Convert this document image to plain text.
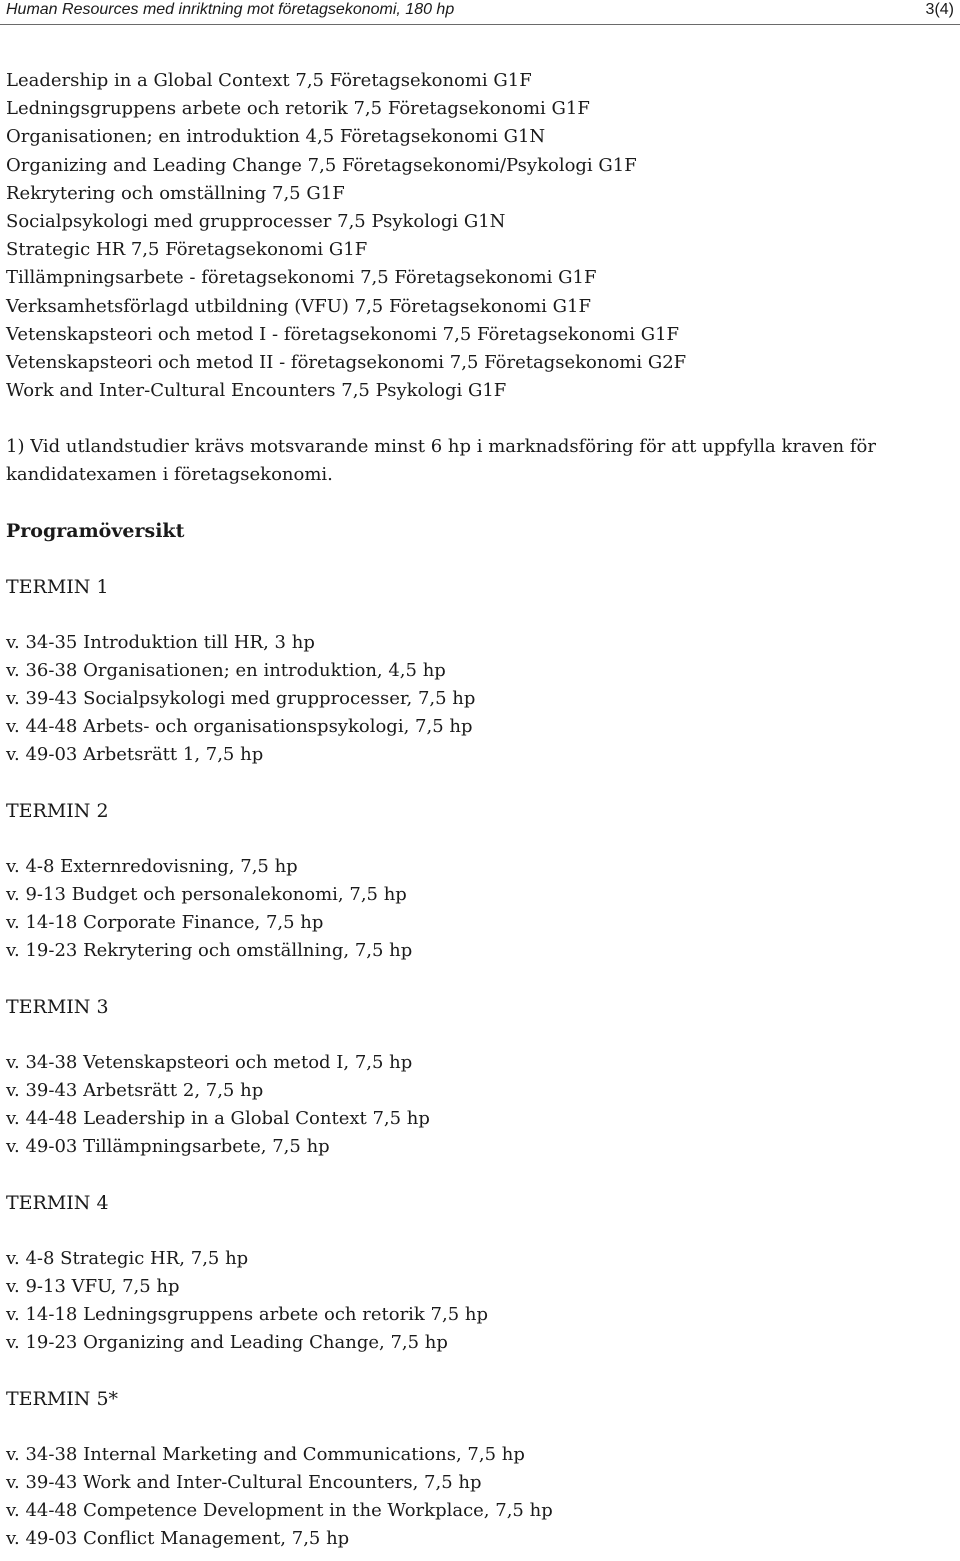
Human Resources med inriktning mot företagsekonomi, 180 hp	3(4)
Leadership in a Global Context 7,5 Företagsekonomi G1F
Ledningsgruppens arbete och retorik 7,5 Företagsekonomi G1F
Organisationen; en introduktion 4,5 Företagsekonomi G1N
Organizing and Leading Change 7,5 Företagsekonomi/Psykologi G1F
Rekrytering och omställning 7,5 G1F
Socialpsykologi med grupprocesser 7,5 Psykologi G1N
Strategic HR 7,5 Företagsekonomi G1F
Tillämpningsarbete - företagsekonomi 7,5 Företagsekonomi G1F
Verksamhetsförlagd utbildning (VFU) 7,5 Företagsekonomi G1F
Vetenskapsteori och metod I - företagsekonomi 7,5 Företagsekonomi G1F
Vetenskapsteori och metod II - företagsekonomi 7,5 Företagsekonomi G2F
Work and Inter-Cultural Encounters 7,5 Psykologi G1F
1) Vid utlandstudier krävs motsvarande minst 6 hp i marknadsföring för att uppfylla kraven för kandidatexamen i företagsekonomi.
Programöversikt
TERMIN 1
v. 34-35 Introduktion till HR, 3 hp
v. 36-38 Organisationen; en introduktion, 4,5 hp
v. 39-43 Socialpsykologi med grupprocesser, 7,5 hp
v. 44-48 Arbets- och organisationspsykologi, 7,5 hp
v. 49-03 Arbetsrätt 1, 7,5 hp
TERMIN 2
v. 4-8 Externredovisning, 7,5 hp
v. 9-13 Budget och personalekonomi, 7,5 hp
v. 14-18 Corporate Finance, 7,5 hp
v. 19-23 Rekrytering och omställning, 7,5 hp
TERMIN 3
v. 34-38 Vetenskapsteori och metod I, 7,5 hp
v. 39-43 Arbetsrätt 2, 7,5 hp
v. 44-48 Leadership in a Global Context 7,5 hp
v. 49-03 Tillämpningsarbete, 7,5 hp
TERMIN 4
v. 4-8 Strategic HR, 7,5 hp
v. 9-13 VFU, 7,5 hp
v. 14-18 Ledningsgruppens arbete och retorik 7,5 hp
v. 19-23 Organizing and Leading Change, 7,5 hp
TERMIN 5*
v. 34-38 Internal Marketing and Communications, 7,5 hp
v. 39-43 Work and Inter-Cultural Encounters, 7,5 hp
v. 44-48 Competence Development in the Workplace, 7,5 hp
v. 49-03 Conflict Management, 7,5 hp
